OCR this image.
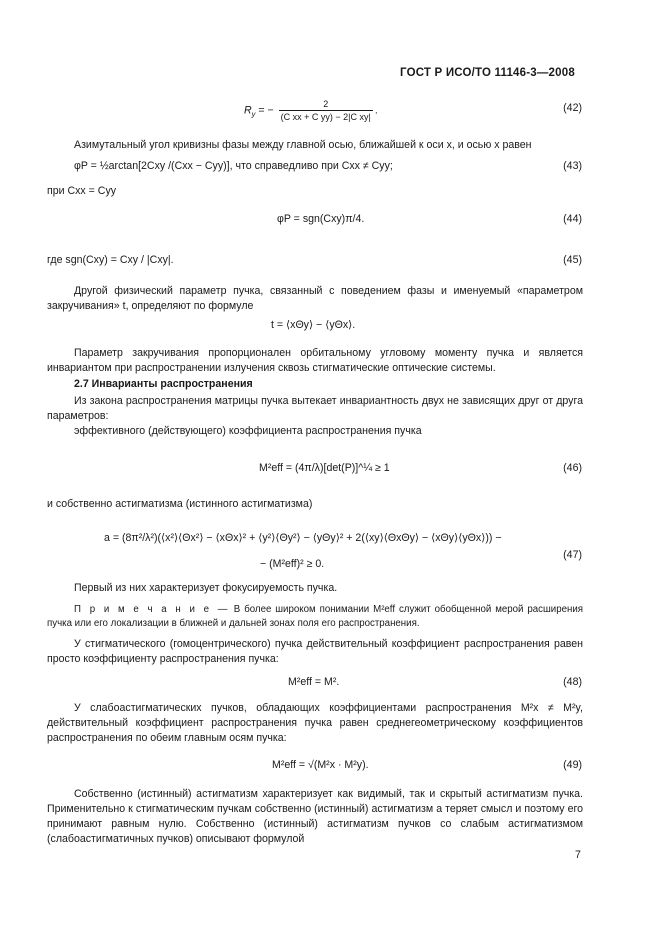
ГОСТ Р ИСО/ТО 11146-3—2008
$R_y$ = − $\frac{2}{\text{(C xx + C yy) − 2|C xy|}}$ .	(42)
Азимутальный угол кривизны фазы между главной осью, ближайшей к оси x, и осью x равен
φP = ½arctan[2Cxy /(Cxx − Cyy)], что справедливо при Cxx ≠ Cyy;	(43)
при Cxx = Cyy
φP = sgn(Cxy)π/4.	(44)
где sgn(Cxy) = Cxy / |Cxy|.	(45)
Другой физический параметр пучка, связанный с поведением фазы и именуемый «параметром закручивания» t, определяют по формуле
t = ⟨xΘy⟩ − ⟨yΘx⟩.
Параметр закручивания пропорционален орбитальному угловому моменту пучка и является инвариантом при распространении излучения сквозь стигматические оптические системы.
2.7 Инварианты распространения
Из закона распространения матрицы пучка вытекает инвариантность двух не зависящих друг от друга параметров:
эффективного (действующего) коэффициента распространения пучка
M²eff = (4π/λ)[det(P)]^¼ ≥ 1	(46)
и собственно астигматизма (истинного астигматизма)
a = (8π²/λ²)(⟨x²⟩⟨Θx²⟩ − ⟨xΘx⟩² + ⟨y²⟩⟨Θy²⟩ − ⟨yΘy⟩² + 2(⟨xy⟩⟨ΘxΘy⟩ − ⟨xΘy⟩⟨yΘx⟩)) −
− (M²eff)² ≥ 0.
(47)
Первый из них характеризует фокусируемость пучка.
П р и м е ч а н и е — В более широком понимании M²eff служит обобщенной мерой расширения пучка или его локализации в ближней и дальней зонах поля его распространения.
У стигматического (гомоцентрического) пучка действительный коэффициент распространения равен просто коэффициенту распространения пучка:
M²eff = M².	(48)
У слабоастигматических пучков, обладающих коэффициентами распространения M²x ≠ M²y, действительный коэффициент распространения пучка равен среднегеометрическому коэффициентов распространения по обеим главным осям пучка:
M²eff = √(M²x · M²y).	(49)
Собственно (истинный) астигматизм характеризует как видимый, так и скрытый астигматизм пучка. Применительно к стигматическим пучкам собственно (истинный) астигматизм a теряет смысл и поэтому его принимают равным нулю. Собственно (истинный) астигматизм пучков со слабым астигматизмом (слабоастигматичных пучков) описывают формулой
7
